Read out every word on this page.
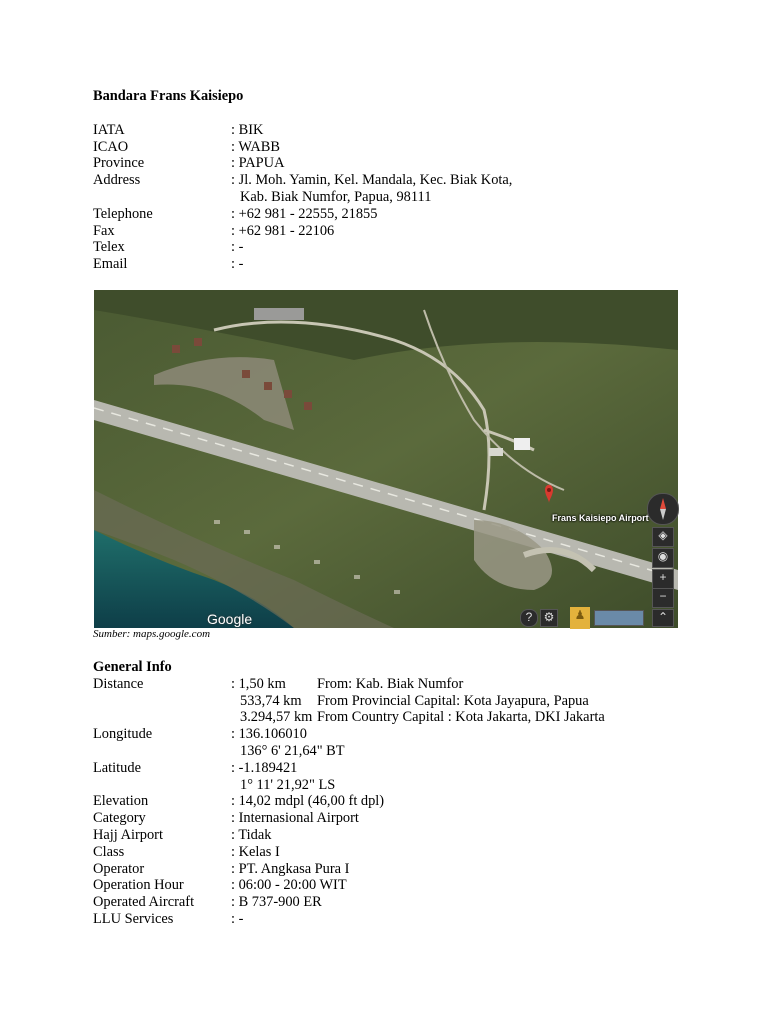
Bandara Frans Kaisiepo
IATA	: BIK
ICAO	: WABB
Province	: PAPUA
Address	: Jl. Moh. Yamin, Kel. Mandala, Kec. Biak Kota,
Kab. Biak Numfor, Papua, 98111
Telephone	: +62 981 - 22555, 21855
Fax	: +62 981 - 22106
Telex	: -
Email	: -
Frans Kaisiepo Airport
Google
◈
◉
+
−
? ⚙	♟	⌃
Sumber: maps.google.com
General Info
Distance	: 1,50 km	From: Kab. Biak Numfor
533,74 km	From Provincial Capital: Kota Jayapura, Papua
3.294,57 km From Country Capital : Kota Jakarta, DKI Jakarta
Longitude	: 136.106010
136° 6' 21,64" BT
Latitude	: -1.189421
1° 11' 21,92" LS
Elevation	: 14,02 mdpl (46,00 ft dpl)
Category	: Internasional Airport
Hajj Airport	: Tidak
Class	: Kelas I
Operator	: PT. Angkasa Pura I
Operation Hour	: 06:00 - 20:00 WIT
Operated Aircraft	: B 737-900 ER
LLU Services	: -
